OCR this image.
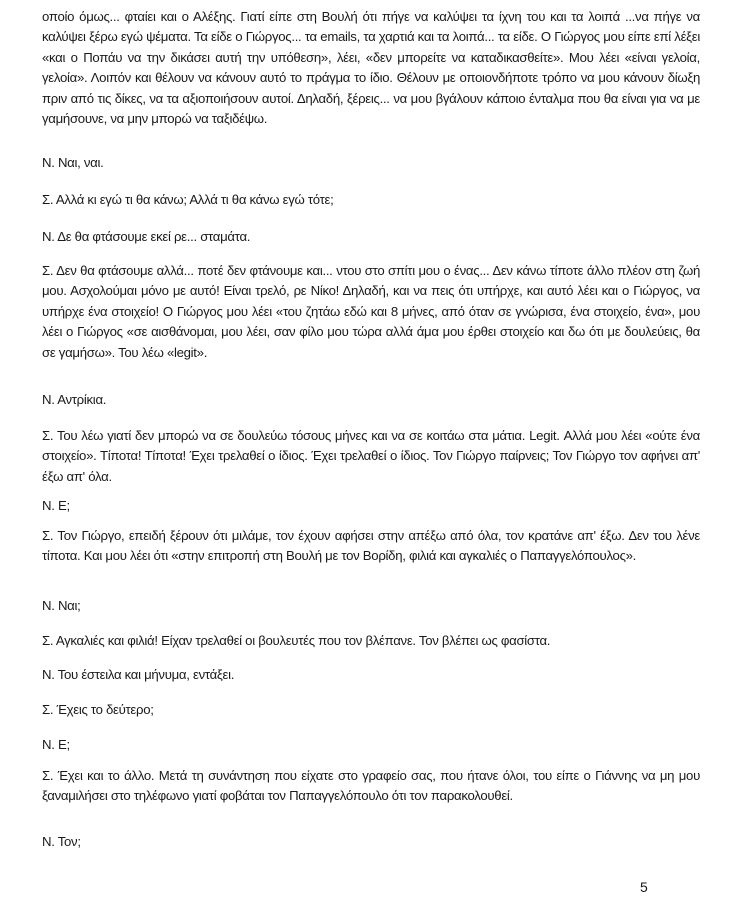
οποίο όμως... φταίει και ο Αλέξης. Γιατί είπε στη Βουλή ότι πήγε να καλύψει τα ίχνη του και τα λοιπά ...να πήγε να καλύψει ξέρω εγώ ψέματα. Τα είδε ο Γιώργος... τα emails, τα χαρτιά και τα λοιπά... τα είδε. Ο Γιώργος μου είπε επί λέξει «και ο Ποπάυ να την δικάσει αυτή την υπόθεση», λέει, «δεν μπορείτε να καταδικασθείτε». Μου λέει «είναι γελοία, γελοία». Λοιπόν και θέλουν να κάνουν αυτό το πράγμα το ίδιο. Θέλουν με οποιονδήποτε τρόπο να μου κάνουν δίωξη πριν από τις δίκες, να τα αξιοποιήσουν αυτοί. Δηλαδή, ξέρεις... να μου βγάλουν κάποιο ένταλμα που θα είναι για να με γαμήσουνε, να μην μπορώ να ταξιδέψω.

Ν. Ναι, ναι.

Σ. Αλλά κι εγώ τι θα κάνω; Αλλά τι θα κάνω εγώ τότε;

Ν. Δε θα φτάσουμε εκεί ρε... σταμάτα.

Σ. Δεν θα φτάσουμε αλλά... ποτέ δεν φτάνουμε και... ντου στο σπίτι μου ο ένας... Δεν κάνω τίποτε άλλο πλέον στη ζωή μου. Ασχολούμαι μόνο με αυτό! Είναι τρελό, ρε Νίκο! Δηλαδή, και να πεις ότι υπήρχε, και αυτό λέει και ο Γιώργος, να υπήρχε ένα στοιχείο! Ο Γιώργος μου λέει «του ζητάω εδώ και 8 μήνες, από όταν σε γνώρισα, ένα στοιχείο, ένα», μου λέει ο Γιώργος «σε αισθάνομαι, μου λέει, σαν φίλο μου τώρα αλλά άμα μου έρθει στοιχείο και δω ότι με δουλεύεις, θα σε γαμήσω». Του λέω «legit».

Ν. Αντρίκια.

Σ. Του λέω γιατί δεν μπορώ να σε δουλεύω τόσους μήνες και να σε κοιτάω στα μάτια. Legit. Αλλά μου λέει «ούτε ένα στοιχείο». Τίποτα! Τίποτα! Έχει τρελαθεί ο ίδιος. Έχει τρελαθεί ο ίδιος. Τον Γιώργο παίρνεις; Τον Γιώργο τον αφήνει απ' έξω απ' όλα.

Ν. Ε;

Σ. Τον Γιώργο, επειδή ξέρουν ότι μιλάμε, τον έχουν αφήσει στην απέξω από όλα, τον κρατάνε απ' έξω. Δεν του λένε τίποτα. Και μου λέει ότι «στην επιτροπή στη Βουλή με τον Βορίδη, φιλιά και αγκαλιές ο Παπαγγελόπουλος».

Ν. Ναι;

Σ. Αγκαλιές και φιλιά! Είχαν τρελαθεί οι βουλευτές που τον βλέπανε. Τον βλέπει ως φασίστα.

Ν. Του έστειλα και μήνυμα, εντάξει.

Σ. Έχεις το δεύτερο;

Ν. Ε;

Σ. Έχει και το άλλο. Μετά τη συνάντηση που είχατε στο γραφείο σας, που ήτανε όλοι, του είπε ο Γιάννης να μη μου ξαναμιλήσει στο τηλέφωνο γιατί φοβάται τον Παπαγγελόπουλο ότι τον παρακολουθεί.

Ν. Τον;

5
